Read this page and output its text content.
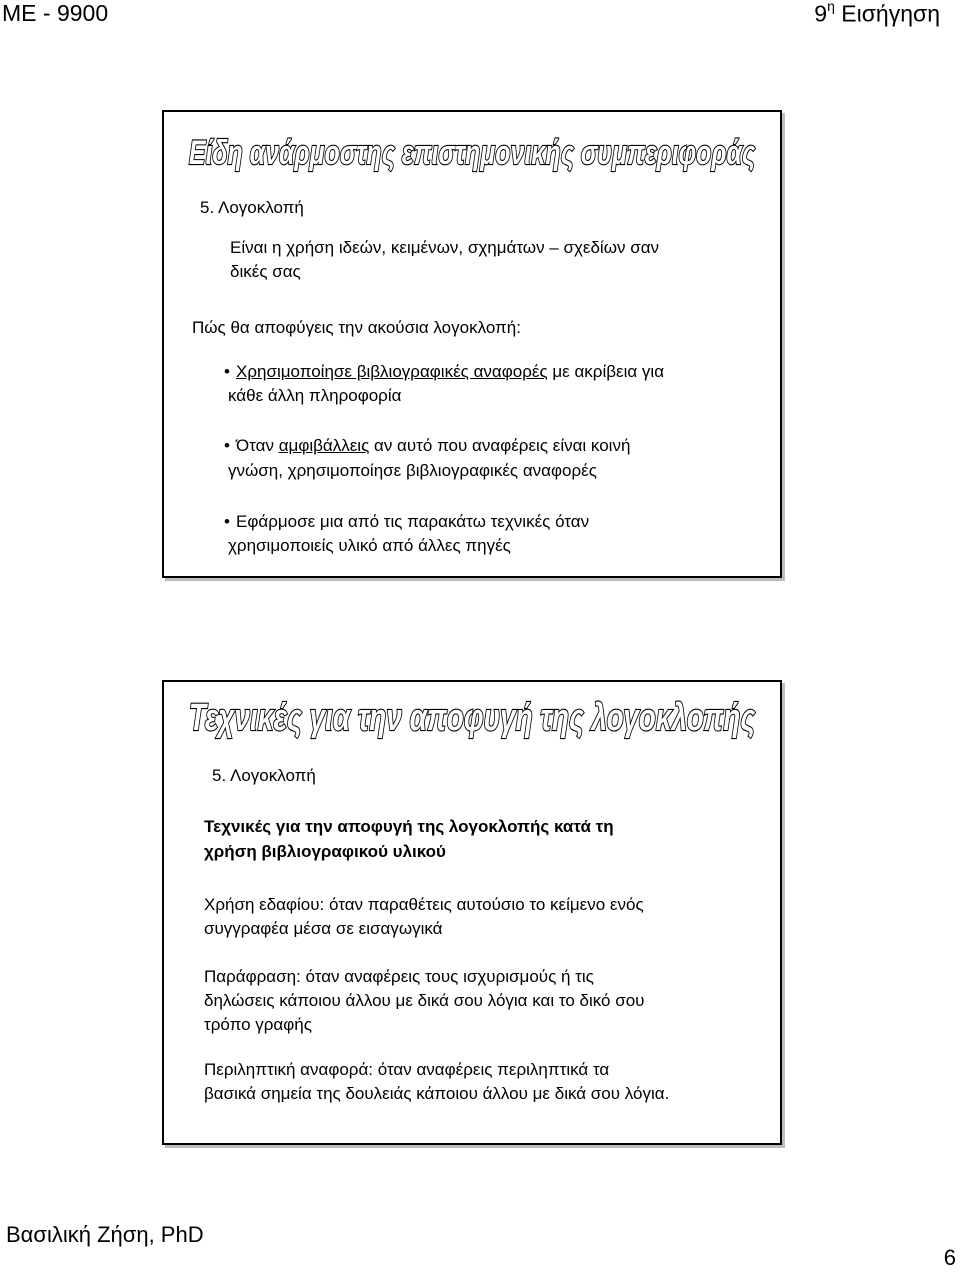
ΜΕ - 9900	$9^\eta$ Εισήγηση
Είδη ανάρμοστης επιστημονικής συμπεριφοράς
5. Λογοκλοπή
Είναι η χρήση ιδεών, κειμένων, σχημάτων – σχεδίων σαν
δικές σας
Πώς θα αποφύγεις την ακούσια λογοκλοπή:
• Χρησιμοποίησε βιβλιογραφικές αναφορές με ακρίβεια για
κάθε άλλη πληροφορία
• Όταν αμφιβάλλεις αν αυτό που αναφέρεις είναι κοινή
γνώση, χρησιμοποίησε βιβλιογραφικές αναφορές
• Εφάρμοσε μια από τις παρακάτω τεχνικές όταν
χρησιμοποιείς υλικό από άλλες πηγές
Τεχνικές για την αποφυγή της λογοκλοπής
5. Λογοκλοπή
Τεχνικές για την αποφυγή της λογοκλοπής κατά τη
χρήση βιβλιογραφικού υλικού
Χρήση εδαφίου: όταν παραθέτεις αυτούσιο το κείμενο ενός
συγγραφέα μέσα σε εισαγωγικά
Παράφραση: όταν αναφέρεις τους ισχυρισμούς ή τις
δηλώσεις κάποιου άλλου με δικά σου λόγια και το δικό σου
τρόπο γραφής
Περιληπτική αναφορά: όταν αναφέρεις περιληπτικά τα
βασικά σημεία της δουλειάς κάποιου άλλου με δικά σου λόγια.
Βασιλική Ζήση, PhD
6
